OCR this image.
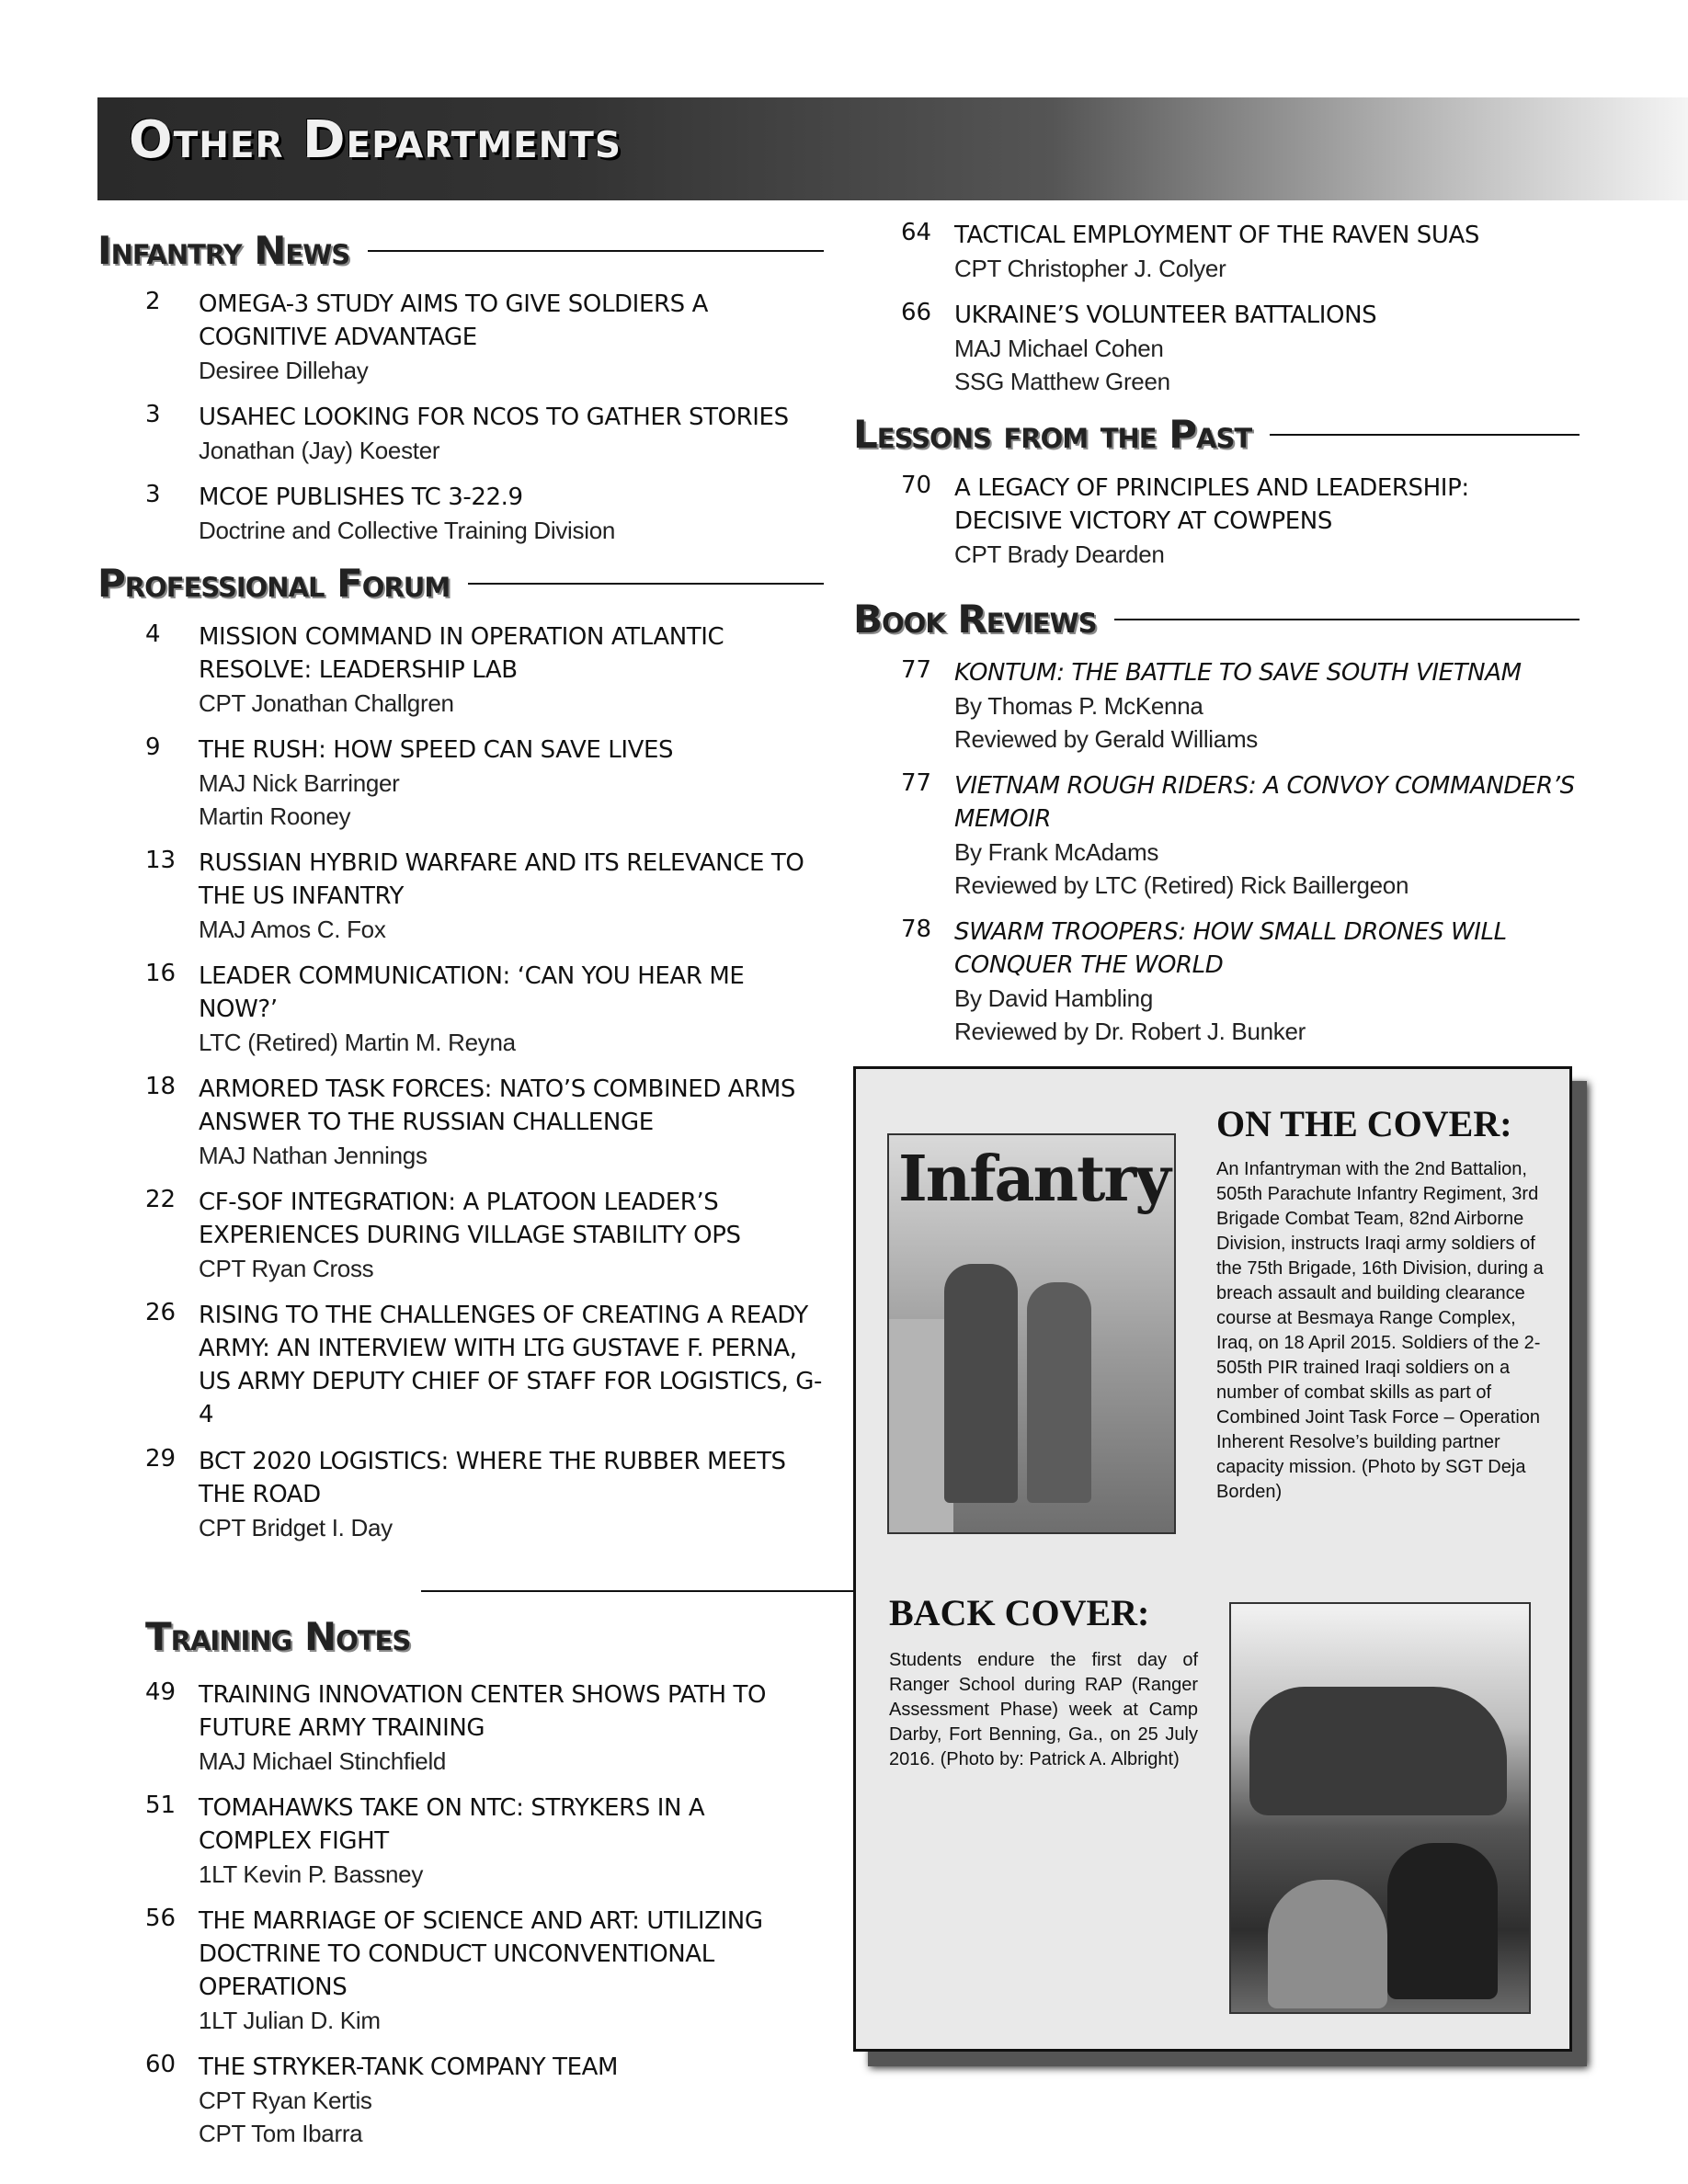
Other Departments
Infantry News
2	OMEGA-3 STUDY AIMS TO GIVE SOLDIERS A COGNITIVE ADVANTAGE
Desiree Dillehay
3	USAHEC LOOKING FOR NCOS TO GATHER STORIES
Jonathan (Jay) Koester
3	MCOE PUBLISHES TC 3-22.9
Doctrine and Collective Training Division
Professional Forum
4	MISSION COMMAND IN OPERATION ATLANTIC RESOLVE: LEADERSHIP LAB
CPT Jonathan Challgren
9	THE RUSH: HOW SPEED CAN SAVE LIVES
MAJ Nick Barringer
Martin Rooney
13 RUSSIAN HYBRID WARFARE AND ITS RELEVANCE TO THE US INFANTRY
MAJ Amos C. Fox
16 LEADER COMMUNICATION: ‘CAN YOU HEAR ME NOW?’
LTC (Retired) Martin M. Reyna
18 ARMORED TASK FORCES: NATO’S COMBINED ARMS ANSWER TO THE RUSSIAN CHALLENGE
MAJ Nathan Jennings
22 CF-SOF INTEGRATION: A PLATOON LEADER’S EXPERIENCES DURING VILLAGE STABILITY OPS
CPT Ryan Cross
26 RISING TO THE CHALLENGES OF CREATING A READY ARMY: AN INTERVIEW WITH LTG GUSTAVE F. PERNA, US ARMY DEPUTY CHIEF OF STAFF FOR LOGISTICS, G-4
29 BCT 2020 LOGISTICS: WHERE THE RUBBER MEETS THE ROAD
CPT Bridget I. Day
Training Notes
49 TRAINING INNOVATION CENTER SHOWS PATH TO FUTURE ARMY TRAINING
MAJ Michael Stinchfield
51 TOMAHAWKS TAKE ON NTC: STRYKERS IN A COMPLEX FIGHT
1LT Kevin P. Bassney
56 THE MARRIAGE OF SCIENCE AND ART: UTILIZING DOCTRINE TO CONDUCT UNCONVENTIONAL OPERATIONS
1LT Julian D. Kim
60 THE STRYKER-TANK COMPANY TEAM
CPT Ryan Kertis
CPT Tom Ibarra
64 TACTICAL EMPLOYMENT OF THE RAVEN SUAS
CPT Christopher J. Colyer
66 UKRAINE’S VOLUNTEER BATTALIONS
MAJ Michael Cohen
SSG Matthew Green
Lessons from the Past
70 A LEGACY OF PRINCIPLES AND LEADERSHIP: DECISIVE VICTORY AT COWPENS
CPT Brady Dearden
Book Reviews
77 KONTUM: THE BATTLE TO SAVE SOUTH VIETNAM
By Thomas P. McKenna
Reviewed by Gerald Williams
77 VIETNAM ROUGH RIDERS: A CONVOY COMMANDER’S MEMOIR
By Frank McAdams
Reviewed by LTC (Retired) Rick Baillergeon
78 SWARM TROOPERS: HOW SMALL DRONES WILL CONQUER THE WORLD
By David Hambling
Reviewed by Dr. Robert J. Bunker
Infantry
ON THE COVER:
An Infantryman with the 2nd Battalion, 505th Parachute Infantry Regiment, 3rd Brigade Combat Team, 82nd Airborne Division, instructs Iraqi army soldiers of the 75th Brigade, 16th Division, during a breach assault and building clearance course at Besmaya Range Complex, Iraq, on 18 April 2015. Soldiers of the 2-505th PIR trained Iraqi soldiers on a number of combat skills as part of Combined Joint Task Force – Operation Inherent Resolve’s building partner capacity mission. (Photo by SGT Deja Borden)
BACK COVER:
Students endure the first day of Ranger School during RAP (Ranger Assessment Phase) week at Camp Darby, Fort Benning, Ga., on 25 July 2016. (Photo by: Patrick A. Albright)
